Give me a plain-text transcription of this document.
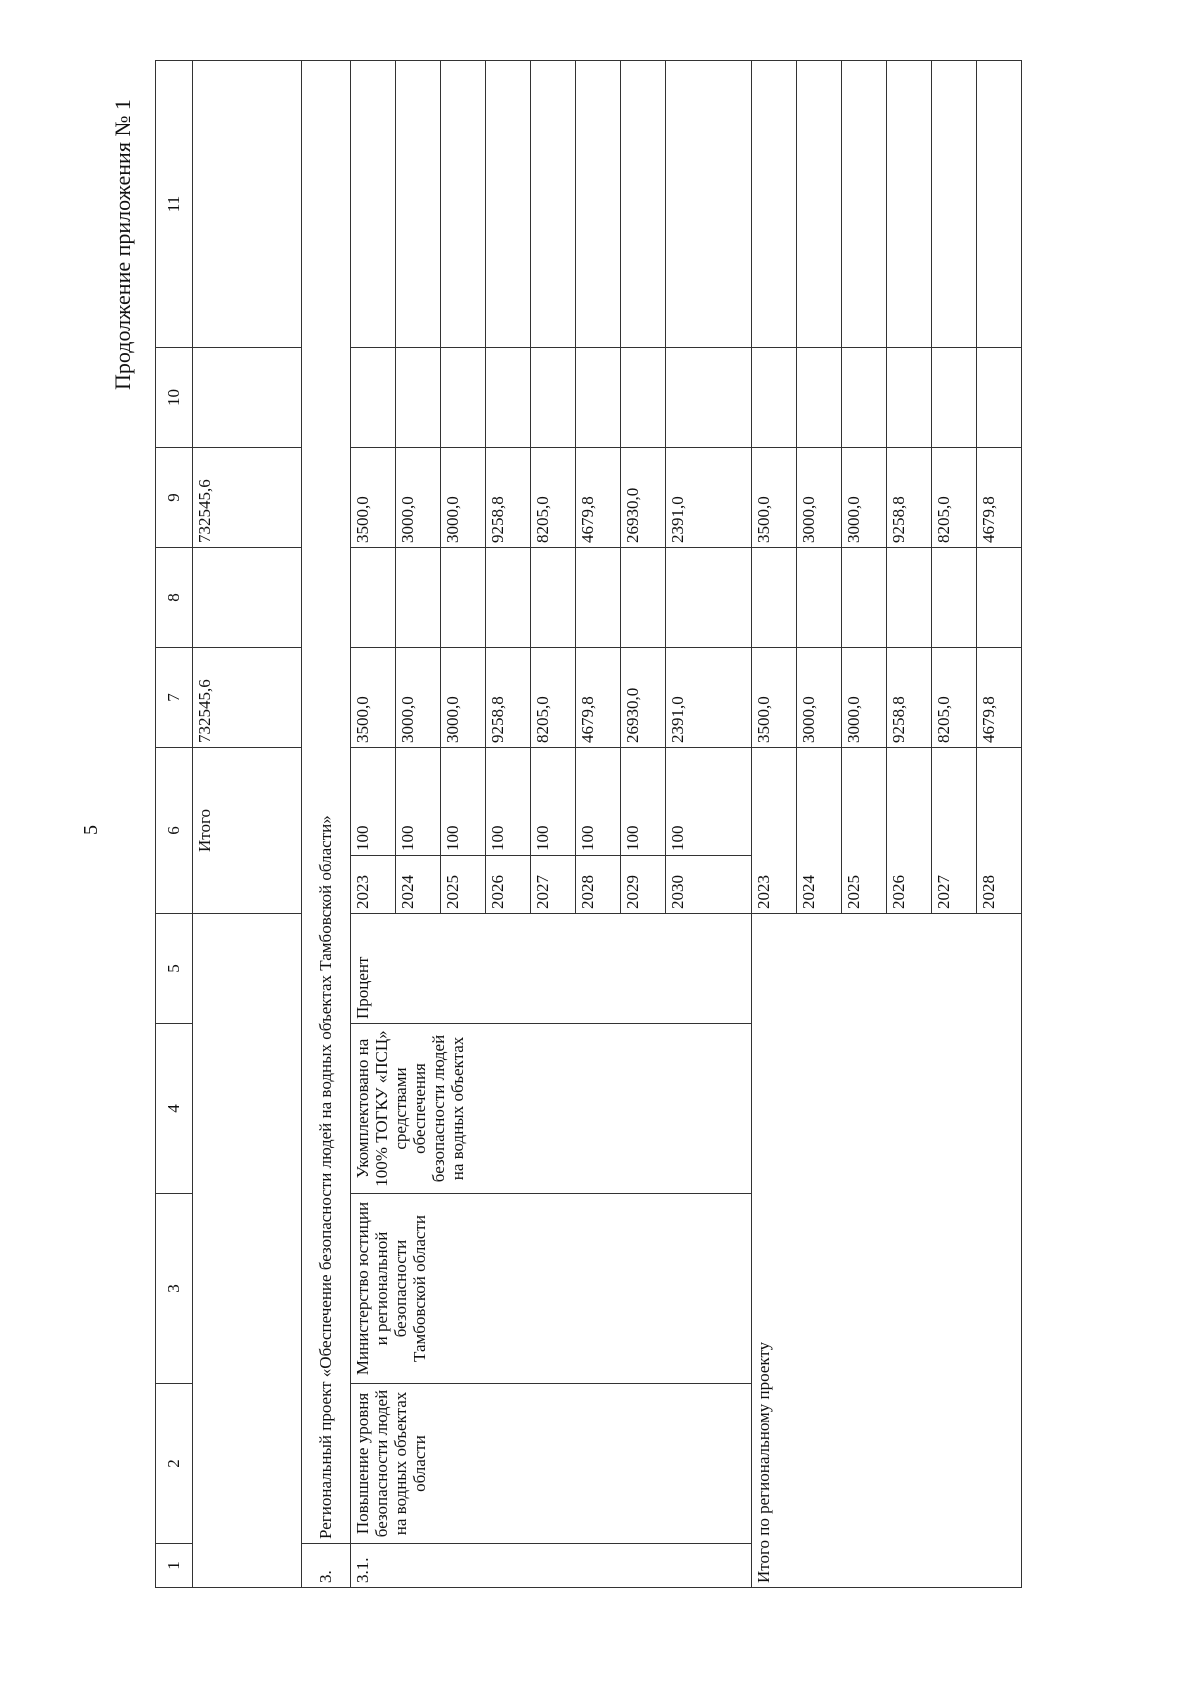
5
Продолжение приложения № 1
1	2	3	4	5	6		7	8	9	10	11
					Итого		732545,6		732545,6		
3.	Региональный проект «Обеспечение безопасности людей на водных объектах Тамбовской области»										
3.1.	Повышение уровня безопасности людей на водных объектах области	Министерство юстиции и региональной безопасности Тамбовской области	Укомплектовано на 100% ТОГКУ «ПСЦ» средствами обеспечения безопасности людей на водных объектах	Процент	2023	100	3500,0		3500,0		
					2024	100	3000,0		3000,0		
					2025	100	3000,0		3000,0		
					2026	100	9258,8		9258,8		
					2027	100	8205,0		8205,0		
					2028	100	4679,8		4679,8		
					2029	100	26930,0		26930,0		
					2030	100	2391,0		2391,0		
Итого по региональному проекту					2023		3500,0		3500,0		
					2024		3000,0		3000,0		
					2025		3000,0		3000,0		
					2026		9258,8		9258,8		
					2027		8205,0		8205,0		
					2028		4679,8		4679,8		
